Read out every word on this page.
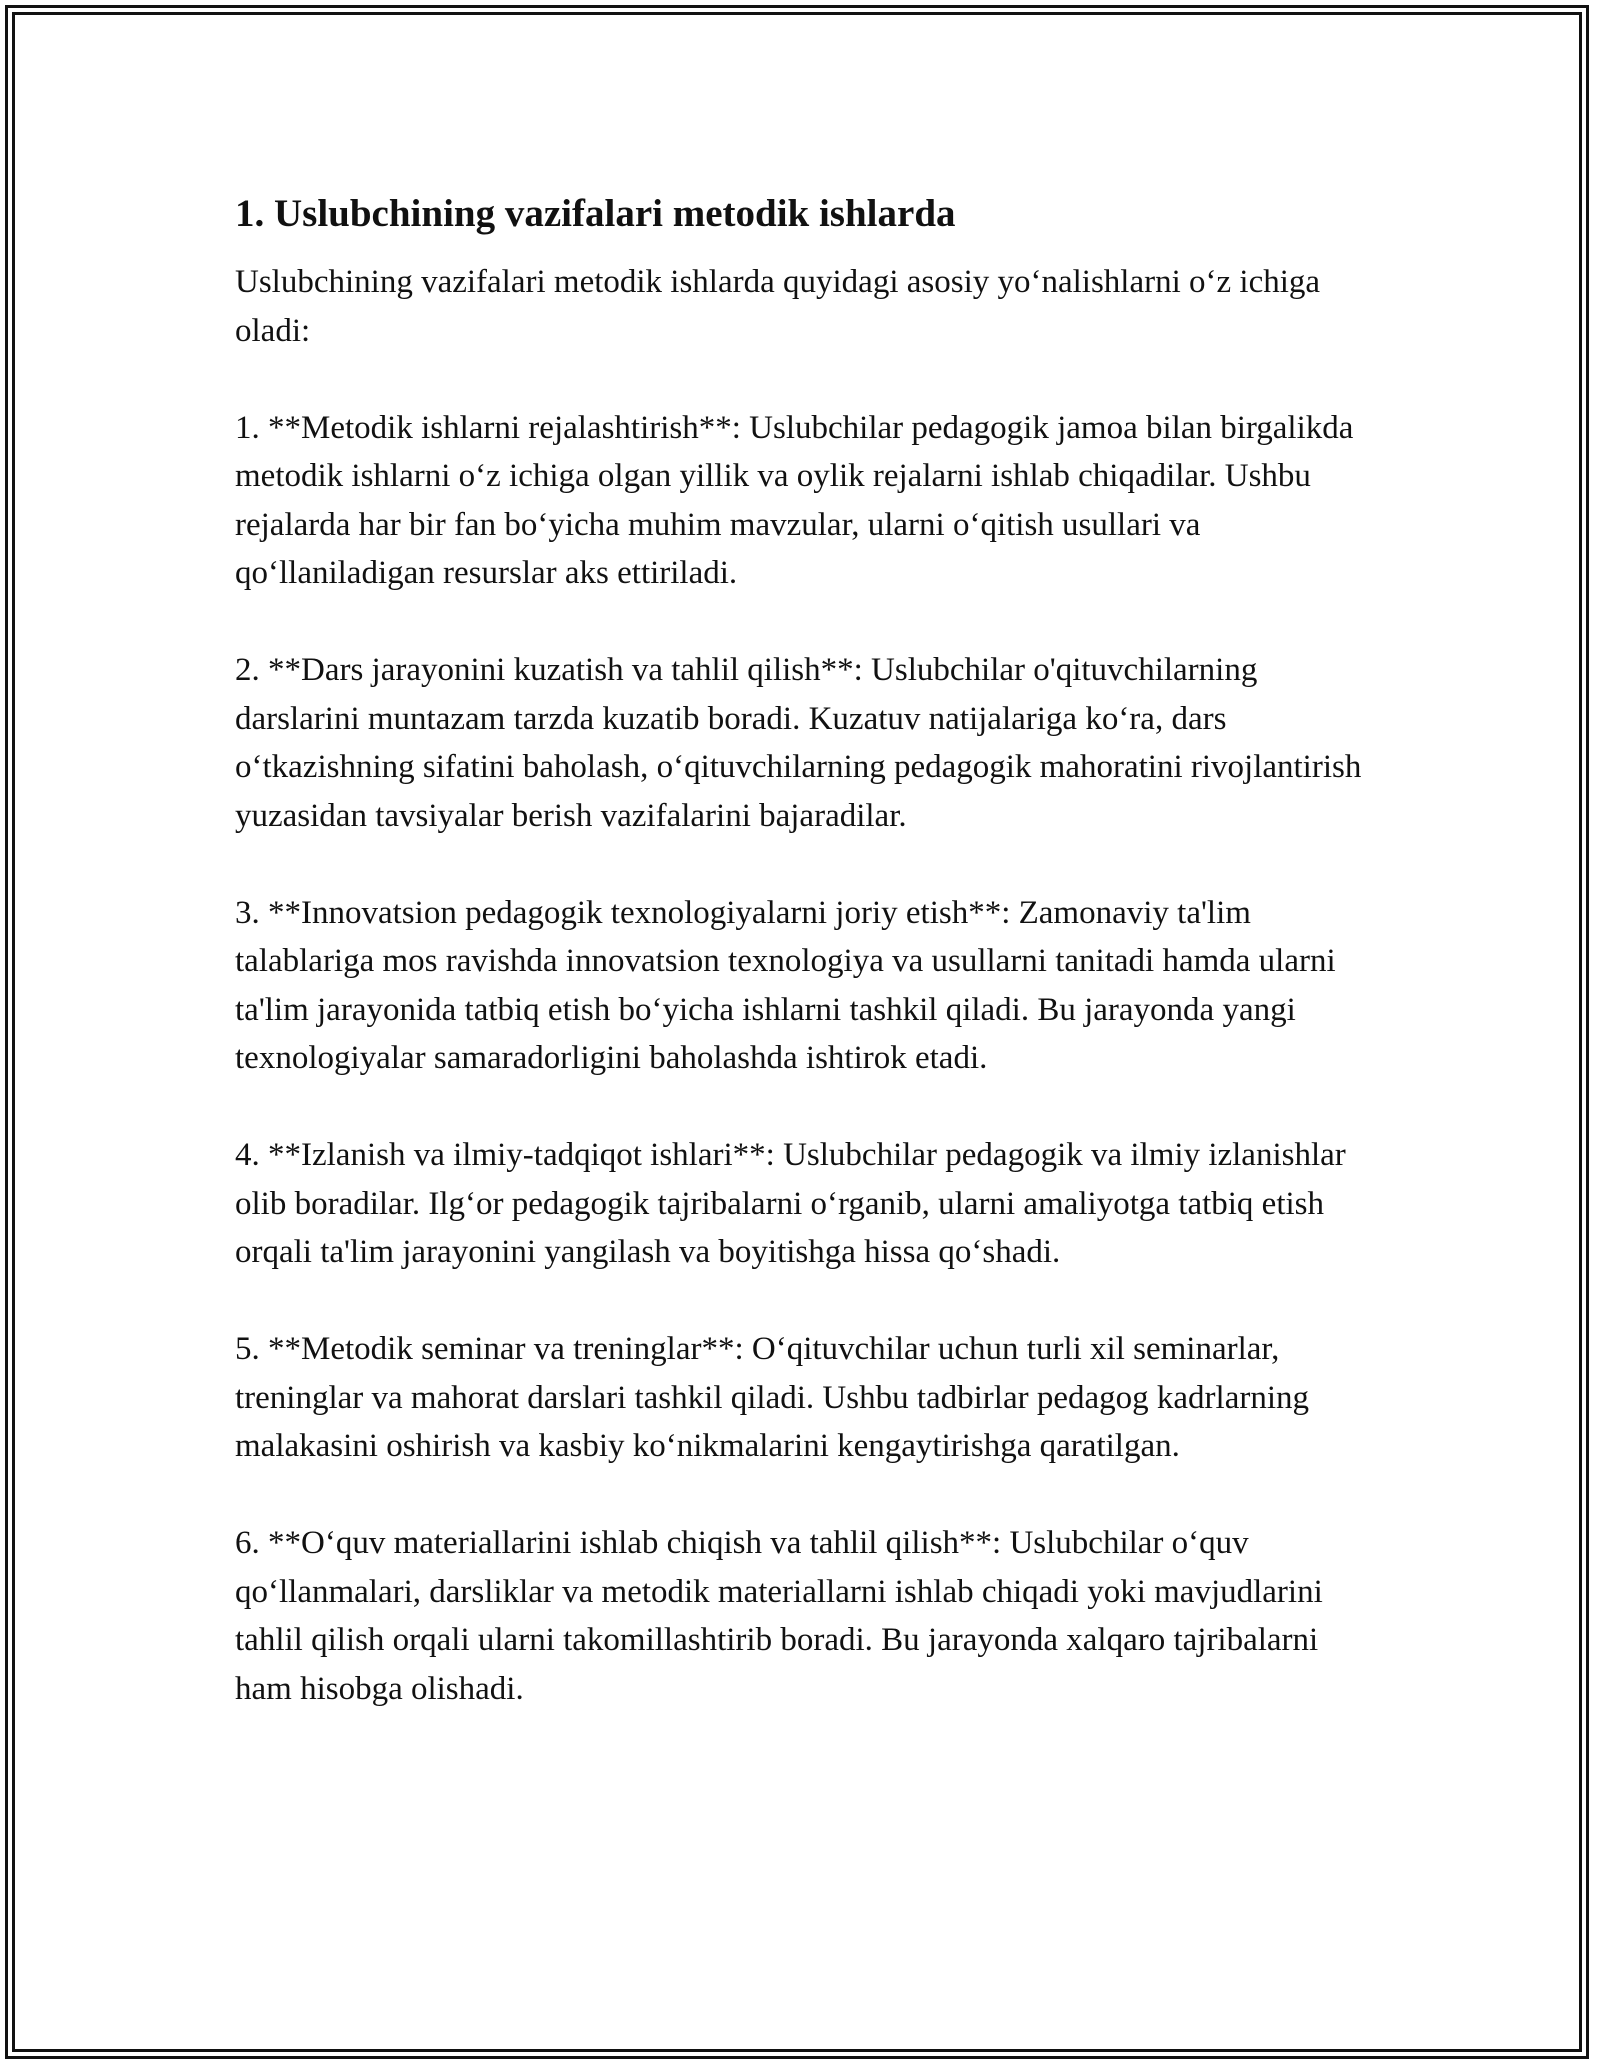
1. Uslubchining vazifalari metodik ishlarda

Uslubchining vazifalari metodik ishlarda quyidagi asosiy yo‘nalishlarni o‘z ichiga oladi:

1. **Metodik ishlarni rejalashtirish**: Uslubchilar pedagogik jamoa bilan birgalikda metodik ishlarni o‘z ichiga olgan yillik va oylik rejalarni ishlab chiqadilar. Ushbu rejalarda har bir fan bo‘yicha muhim mavzular, ularni o‘qitish usullari va qo‘llaniladigan resurslar aks ettiriladi.

2. **Dars jarayonini kuzatish va tahlil qilish**: Uslubchilar o'qituvchilarning darslarini muntazam tarzda kuzatib boradi. Kuzatuv natijalariga ko‘ra, dars o‘tkazishning sifatini baholash, o‘qituvchilarning pedagogik mahoratini rivojlantirish yuzasidan tavsiyalar berish vazifalarini bajaradilar.

3. **Innovatsion pedagogik texnologiyalarni joriy etish**: Zamonaviy ta'lim talablariga mos ravishda innovatsion texnologiya va usullarni tanitadi hamda ularni ta'lim jarayonida tatbiq etish bo‘yicha ishlarni tashkil qiladi. Bu jarayonda yangi texnologiyalar samaradorligini baholashda ishtirok etadi.

4. **Izlanish va ilmiy-tadqiqot ishlari**: Uslubchilar pedagogik va ilmiy izlanishlar olib boradilar. Ilg‘or pedagogik tajribalarni o‘rganib, ularni amaliyotga tatbiq etish orqali ta'lim jarayonini yangilash va boyitishga hissa qo‘shadi.

5. **Metodik seminar va treninglar**: O‘qituvchilar uchun turli xil seminarlar, treninglar va mahorat darslari tashkil qiladi. Ushbu tadbirlar pedagog kadrlarning malakasini oshirish va kasbiy ko‘nikmalarini kengaytirishga qaratilgan.

6. **O‘quv materiallarini ishlab chiqish va tahlil qilish**: Uslubchilar o‘quv qo‘llanmalari, darsliklar va metodik materiallarni ishlab chiqadi yoki mavjudlarini tahlil qilish orqali ularni takomillashtirib boradi. Bu jarayonda xalqaro tajribalarni ham hisobga olishadi.
